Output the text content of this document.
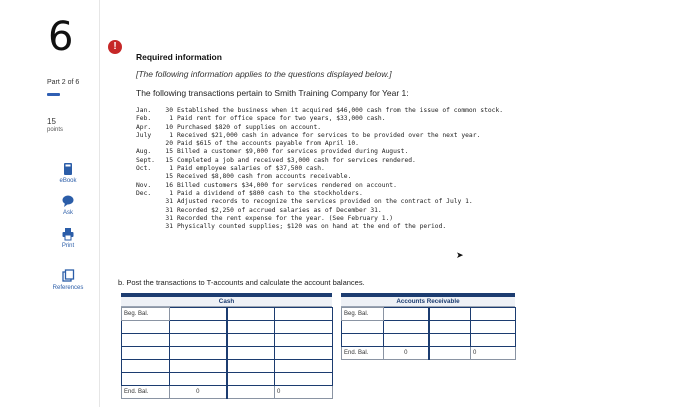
6
Part 2 of 6
15
points
eBook
Ask
Print
References
!
Required information
[The following information applies to the questions displayed below.]
The following transactions pertain to Smith Training Company for Year 1:
Jan.	30 Established the business when it acquired $46,000 cash from the issue of common stock.
Feb.	1 Paid rent for office space for two years, $33,000 cash.
Apr.	10 Purchased $820 of supplies on account.
July	1 Received $21,000 cash in advance for services to be provided over the next year.
20 Paid $615 of the accounts payable from April 10.
Aug.	15 Billed a customer $9,000 for services provided during August.
Sept.	15 Completed a job and received $3,000 cash for services rendered.
Oct.	1 Paid employee salaries of $37,500 cash.
15 Received $8,800 cash from accounts receivable.
Nov.	16 Billed customers $34,000 for services rendered on account.
Dec.	1 Paid a dividend of $800 cash to the stockholders.
31 Adjusted records to recognize the services provided on the contract of July 1.
31 Recorded $2,250 of accrued salaries as of December 31.
31 Recorded the rent expense for the year. (See February 1.)
31 Physically counted supplies; $120 was on hand at the end of the period.
➤
b. Post the transactions to T-accounts and calculate the account balances.
Cash
Beg. Bal.			

End. Bal.	0		0
Accounts Receivable
Beg. Bal.			

End. Bal.	0		0
